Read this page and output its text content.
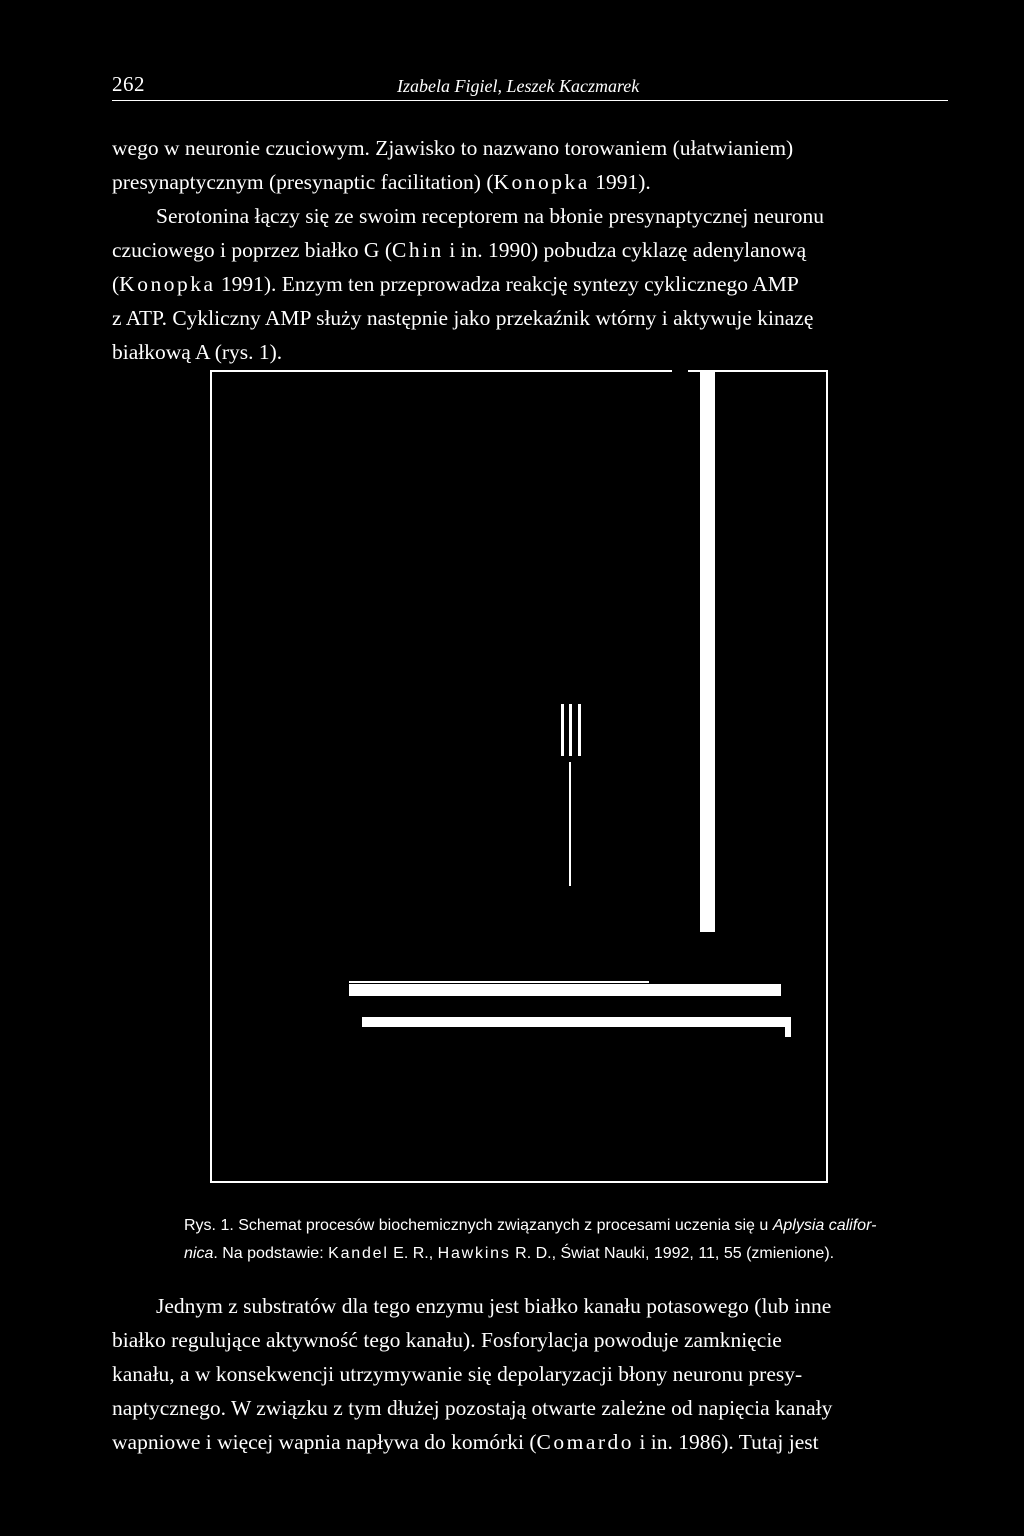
262	Izabela Figiel, Leszek Kaczmarek

wego w neuronie czuciowym. Zjawisko to nazwano torowaniem (ułatwianiem)
presynaptycznym (presynaptic facilitation) (Konopka 1991).
Serotonina łączy się ze swoim receptorem na błonie presynaptycznej neuronu
czuciowego i poprzez białko G (Chin i in. 1990) pobudza cyklazę adenylanową
(Konopka 1991). Enzym ten przeprowadza reakcję syntezy cyklicznego AMP
z ATP. Cykliczny AMP służy następnie jako przekaźnik wtórny i aktywuje kinazę
białkową A (rys. 1).

Rys. 1. Schemat procesów biochemicznych związanych z procesami uczenia się u Aplysia califor-
nica. Na podstawie: Kandel E. R., Hawkins R. D., Świat Nauki, 1992, 11, 55 (zmienione).

Jednym z substratów dla tego enzymu jest białko kanału potasowego (lub inne
białko regulujące aktywność tego kanału). Fosforylacja powoduje zamknięcie
kanału, a w konsekwencji utrzymywanie się depolaryzacji błony neuronu presy-
naptycznego. W związku z tym dłużej pozostają otwarte zależne od napięcia kanały
wapniowe i więcej wapnia napływa do komórki (Comardo i in. 1986). Tutaj jest
